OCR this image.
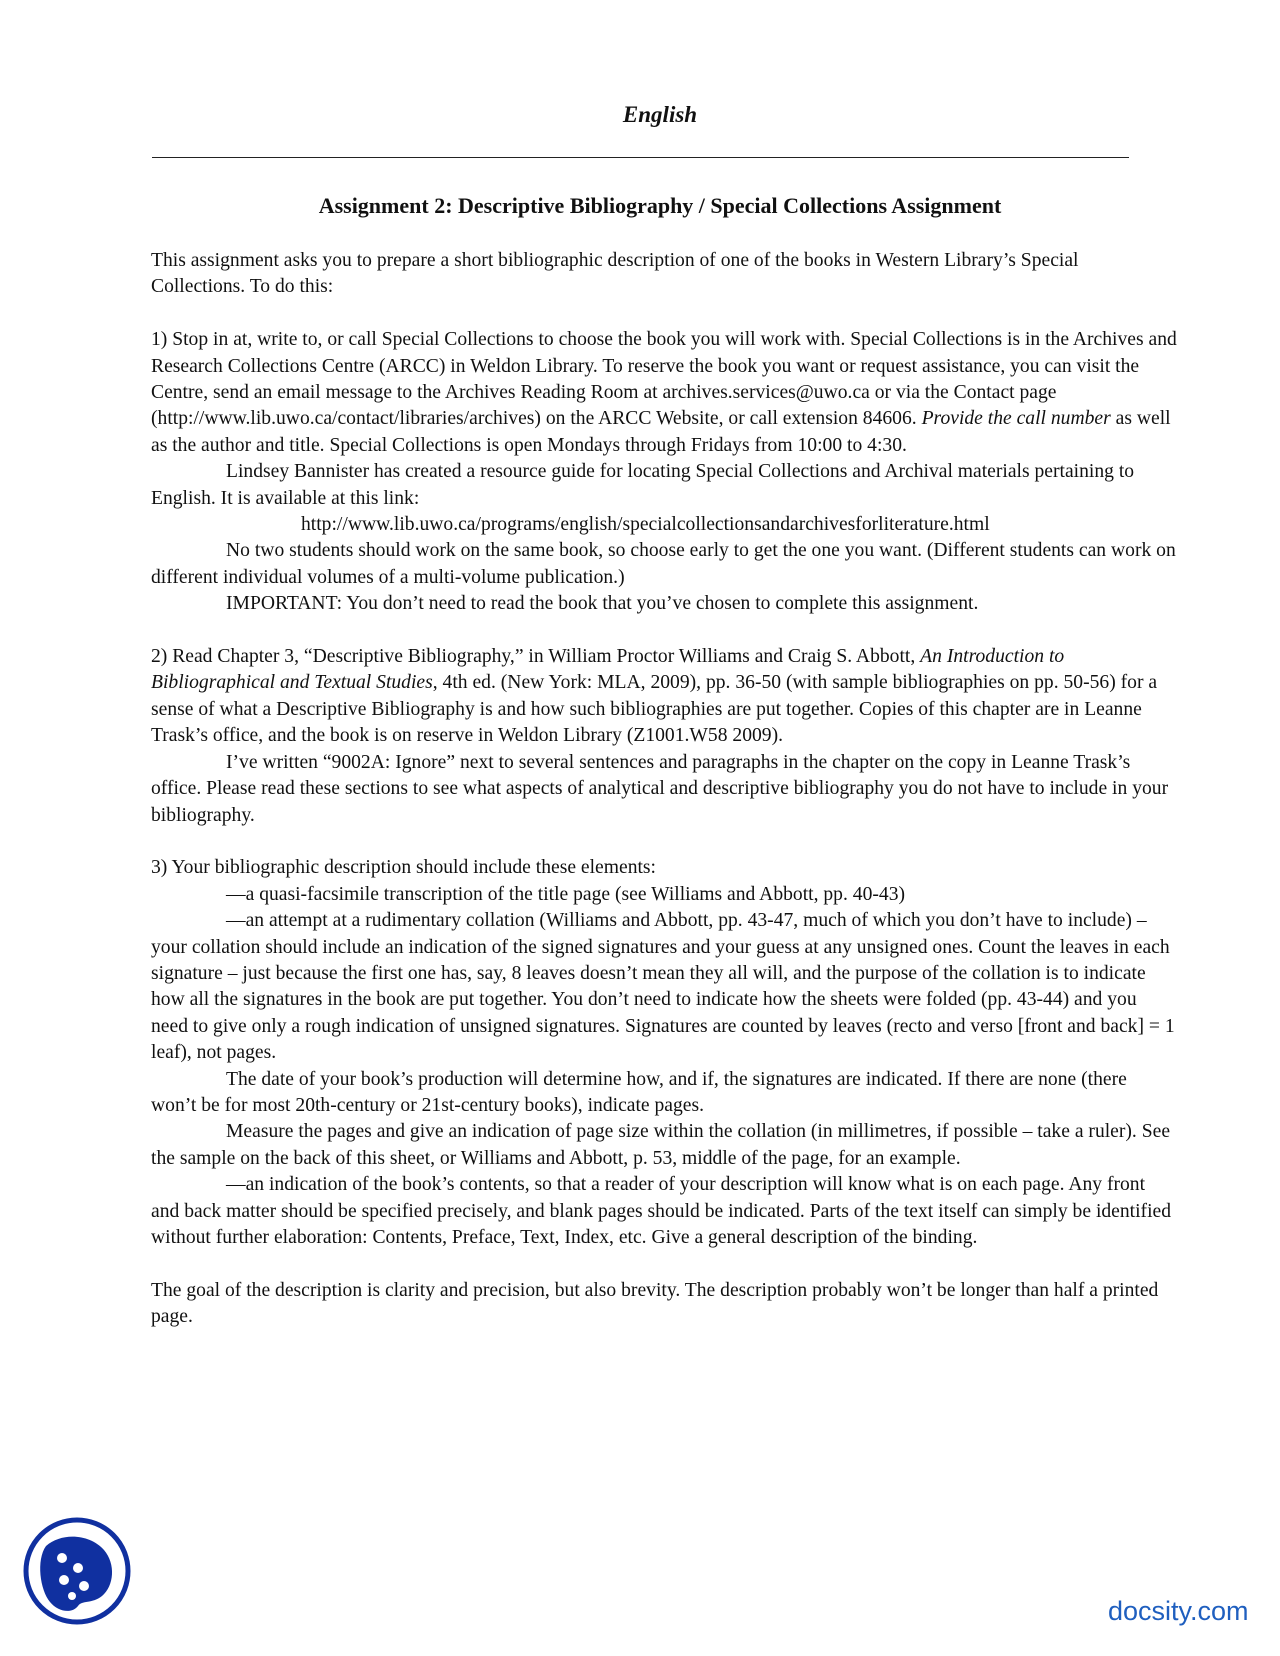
English
Assignment 2: Descriptive Bibliography / Special Collections Assignment

This assignment asks you to prepare a short bibliographic description of one of the books in Western Library’s Special Collections. To do this:

1) Stop in at, write to, or call Special Collections to choose the book you will work with. Special Collections is in the Archives and Research Collections Centre (ARCC) in Weldon Library. To reserve the book you want or request assistance, you can visit the Centre, send an email message to the Archives Reading Room at archives.services@uwo.ca or via the Contact page (http://www.lib.uwo.ca/contact/libraries/archives) on the ARCC Website, or call extension 84606. Provide the call number as well as the author and title. Special Collections is open Mondays through Fridays from 10:00 to 4:30.

Lindsey Bannister has created a resource guide for locating Special Collections and Archival materials pertaining to English. It is available at this link:

http://www.lib.uwo.ca/programs/english/specialcollectionsandarchivesforliterature.html

No two students should work on the same book, so choose early to get the one you want. (Different students can work on different individual volumes of a multi-volume publication.)

IMPORTANT: You don’t need to read the book that you’ve chosen to complete this assignment.

2) Read Chapter 3, “Descriptive Bibliography,” in William Proctor Williams and Craig S. Abbott, An Introduction to Bibliographical and Textual Studies, 4th ed. (New York: MLA, 2009), pp. 36-50 (with sample bibliographies on pp. 50-56) for a sense of what a Descriptive Bibliography is and how such bibliographies are put together. Copies of this chapter are in Leanne Trask’s office, and the book is on reserve in Weldon Library (Z1001.W58 2009).

I’ve written “9002A: Ignore” next to several sentences and paragraphs in the chapter on the copy in Leanne Trask’s office. Please read these sections to see what aspects of analytical and descriptive bibliography you do not have to include in your bibliography.

3) Your bibliographic description should include these elements:

—a quasi-facsimile transcription of the title page (see Williams and Abbott, pp. 40-43)

—an attempt at a rudimentary collation (Williams and Abbott, pp. 43-47, much of which you don’t have to include) – your collation should include an indication of the signed signatures and your guess at any unsigned ones. Count the leaves in each signature – just because the first one has, say, 8 leaves doesn’t mean they all will, and the purpose of the collation is to indicate how all the signatures in the book are put together. You don’t need to indicate how the sheets were folded (pp. 43-44) and you need to give only a rough indication of unsigned signatures. Signatures are counted by leaves (recto and verso [front and back] = 1 leaf), not pages.

The date of your book’s production will determine how, and if, the signatures are indicated. If there are none (there won’t be for most 20th-century or 21st-century books), indicate pages.

Measure the pages and give an indication of page size within the collation (in millimetres, if possible – take a ruler). See the sample on the back of this sheet, or Williams and Abbott, p. 53, middle of the page, for an example.

—an indication of the book’s contents, so that a reader of your description will know what is on each page. Any front and back matter should be specified precisely, and blank pages should be indicated. Parts of the text itself can simply be identified without further elaboration: Contents, Preface, Text, Index, etc. Give a general description of the binding.

The goal of the description is clarity and precision, but also brevity. The description probably won’t be longer than half a printed page.

docsity.com
